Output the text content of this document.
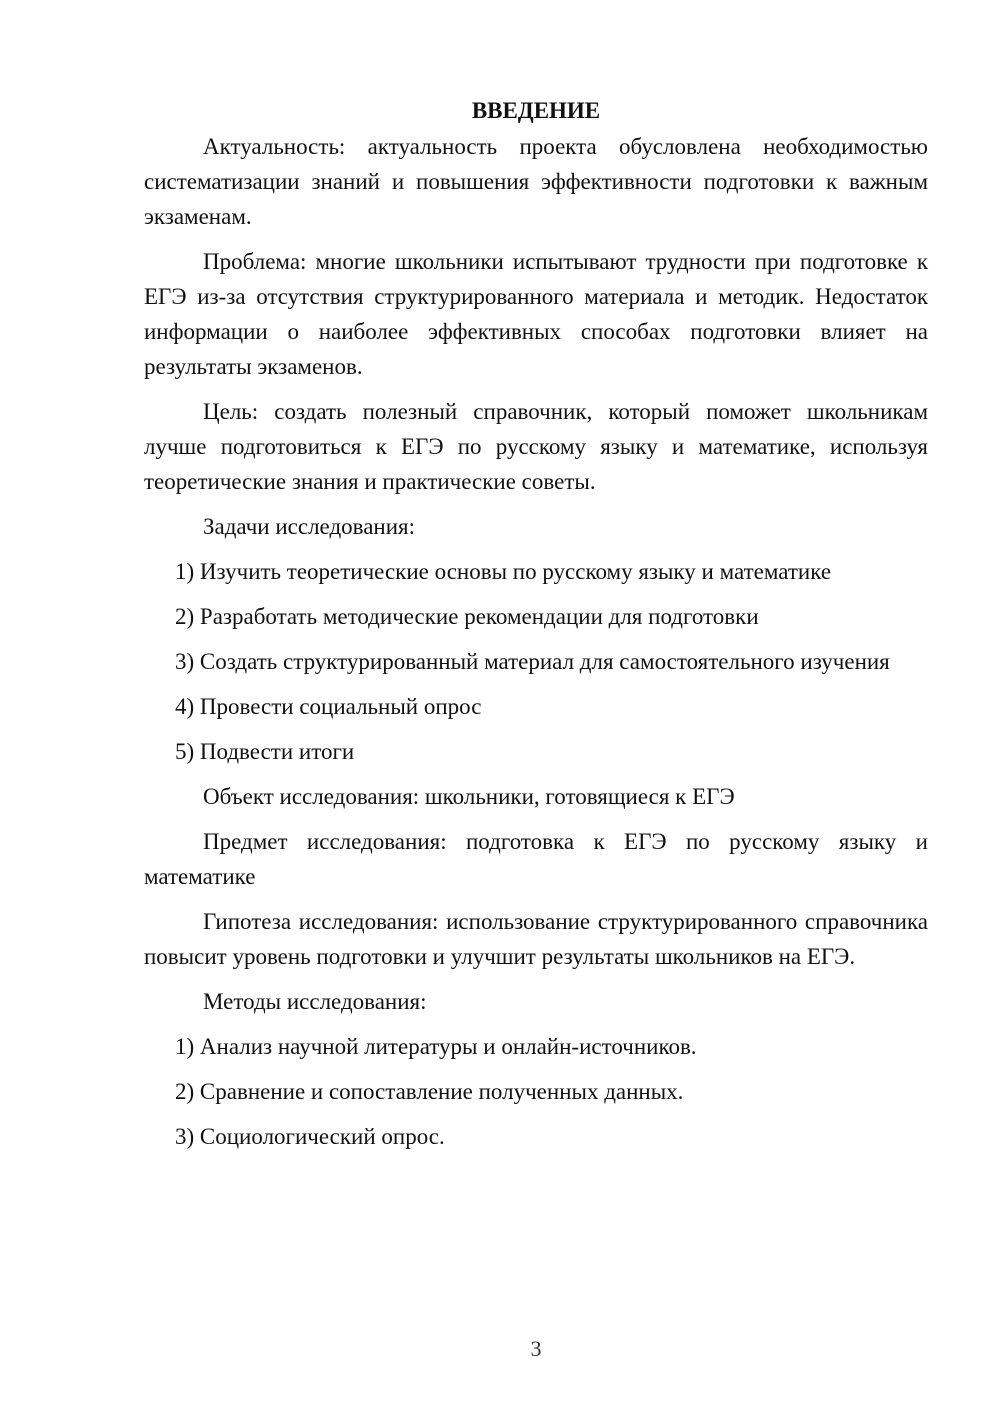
ВВЕДЕНИЕ

Актуальность: актуальность проекта обусловлена необходимостью систематизации знаний и повышения эффективности подготовки к важным экзаменам.

Проблема: многие школьники испытывают трудности при подготовке к ЕГЭ из-за отсутствия структурированного материала и методик. Недостаток информации о наиболее эффективных способах подготовки влияет на результаты экзаменов.

Цель: создать полезный справочник, который поможет школьникам лучше подготовиться к ЕГЭ по русскому языку и математике, используя теоретические знания и практические советы.

Задачи исследования:

1) Изучить теоретические основы по русскому языку и математике

2) Разработать методические рекомендации для подготовки

3) Создать структурированный материал для самостоятельного изучения

4) Провести социальный опрос

5) Подвести итоги

Объект исследования: школьники, готовящиеся к ЕГЭ

Предмет исследования: подготовка к ЕГЭ по русскому языку и математике

Гипотеза исследования: использование структурированного справочника повысит уровень подготовки и улучшит результаты школьников на ЕГЭ.

Методы исследования:

1) Анализ научной литературы и онлайн-источников.

2) Сравнение и сопоставление полученных данных.

3) Социологический опрос.

3
